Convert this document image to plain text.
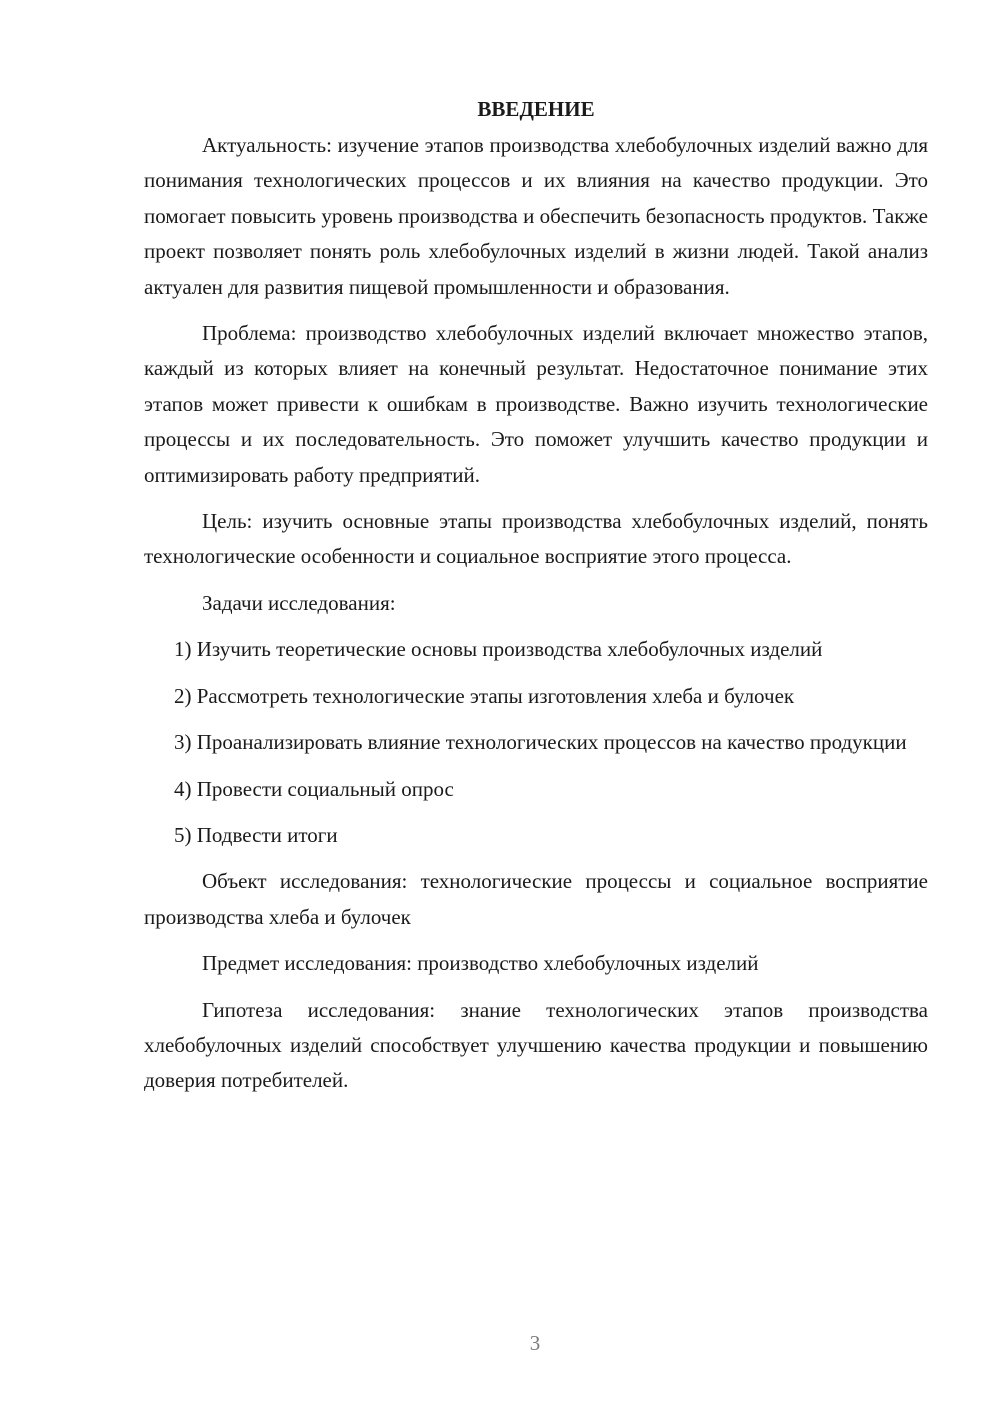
ВВЕДЕНИЕ

Актуальность: изучение этапов производства хлебобулочных изделий важно для понимания технологических процессов и их влияния на качество продукции. Это помогает повысить уровень производства и обеспечить безопасность продуктов. Также проект позволяет понять роль хлебобулочных изделий в жизни людей. Такой анализ актуален для развития пищевой промышленности и образования.

Проблема: производство хлебобулочных изделий включает множество этапов, каждый из которых влияет на конечный результат. Недостаточное понимание этих этапов может привести к ошибкам в производстве. Важно изучить технологические процессы и их последовательность. Это поможет улучшить качество продукции и оптимизировать работу предприятий.

Цель: изучить основные этапы производства хлебобулочных изделий, понять технологические особенности и социальное восприятие этого процесса.

Задачи исследования:

1) Изучить теоретические основы производства хлебобулочных изделий

2) Рассмотреть технологические этапы изготовления хлеба и булочек

3) Проанализировать влияние технологических процессов на качество продукции

4) Провести социальный опрос

5) Подвести итоги

Объект исследования: технологические процессы и социальное восприятие производства хлеба и булочек

Предмет исследования: производство хлебобулочных изделий

Гипотеза исследования: знание технологических этапов производства хлебобулочных изделий способствует улучшению качества продукции и повышению доверия потребителей.

3
